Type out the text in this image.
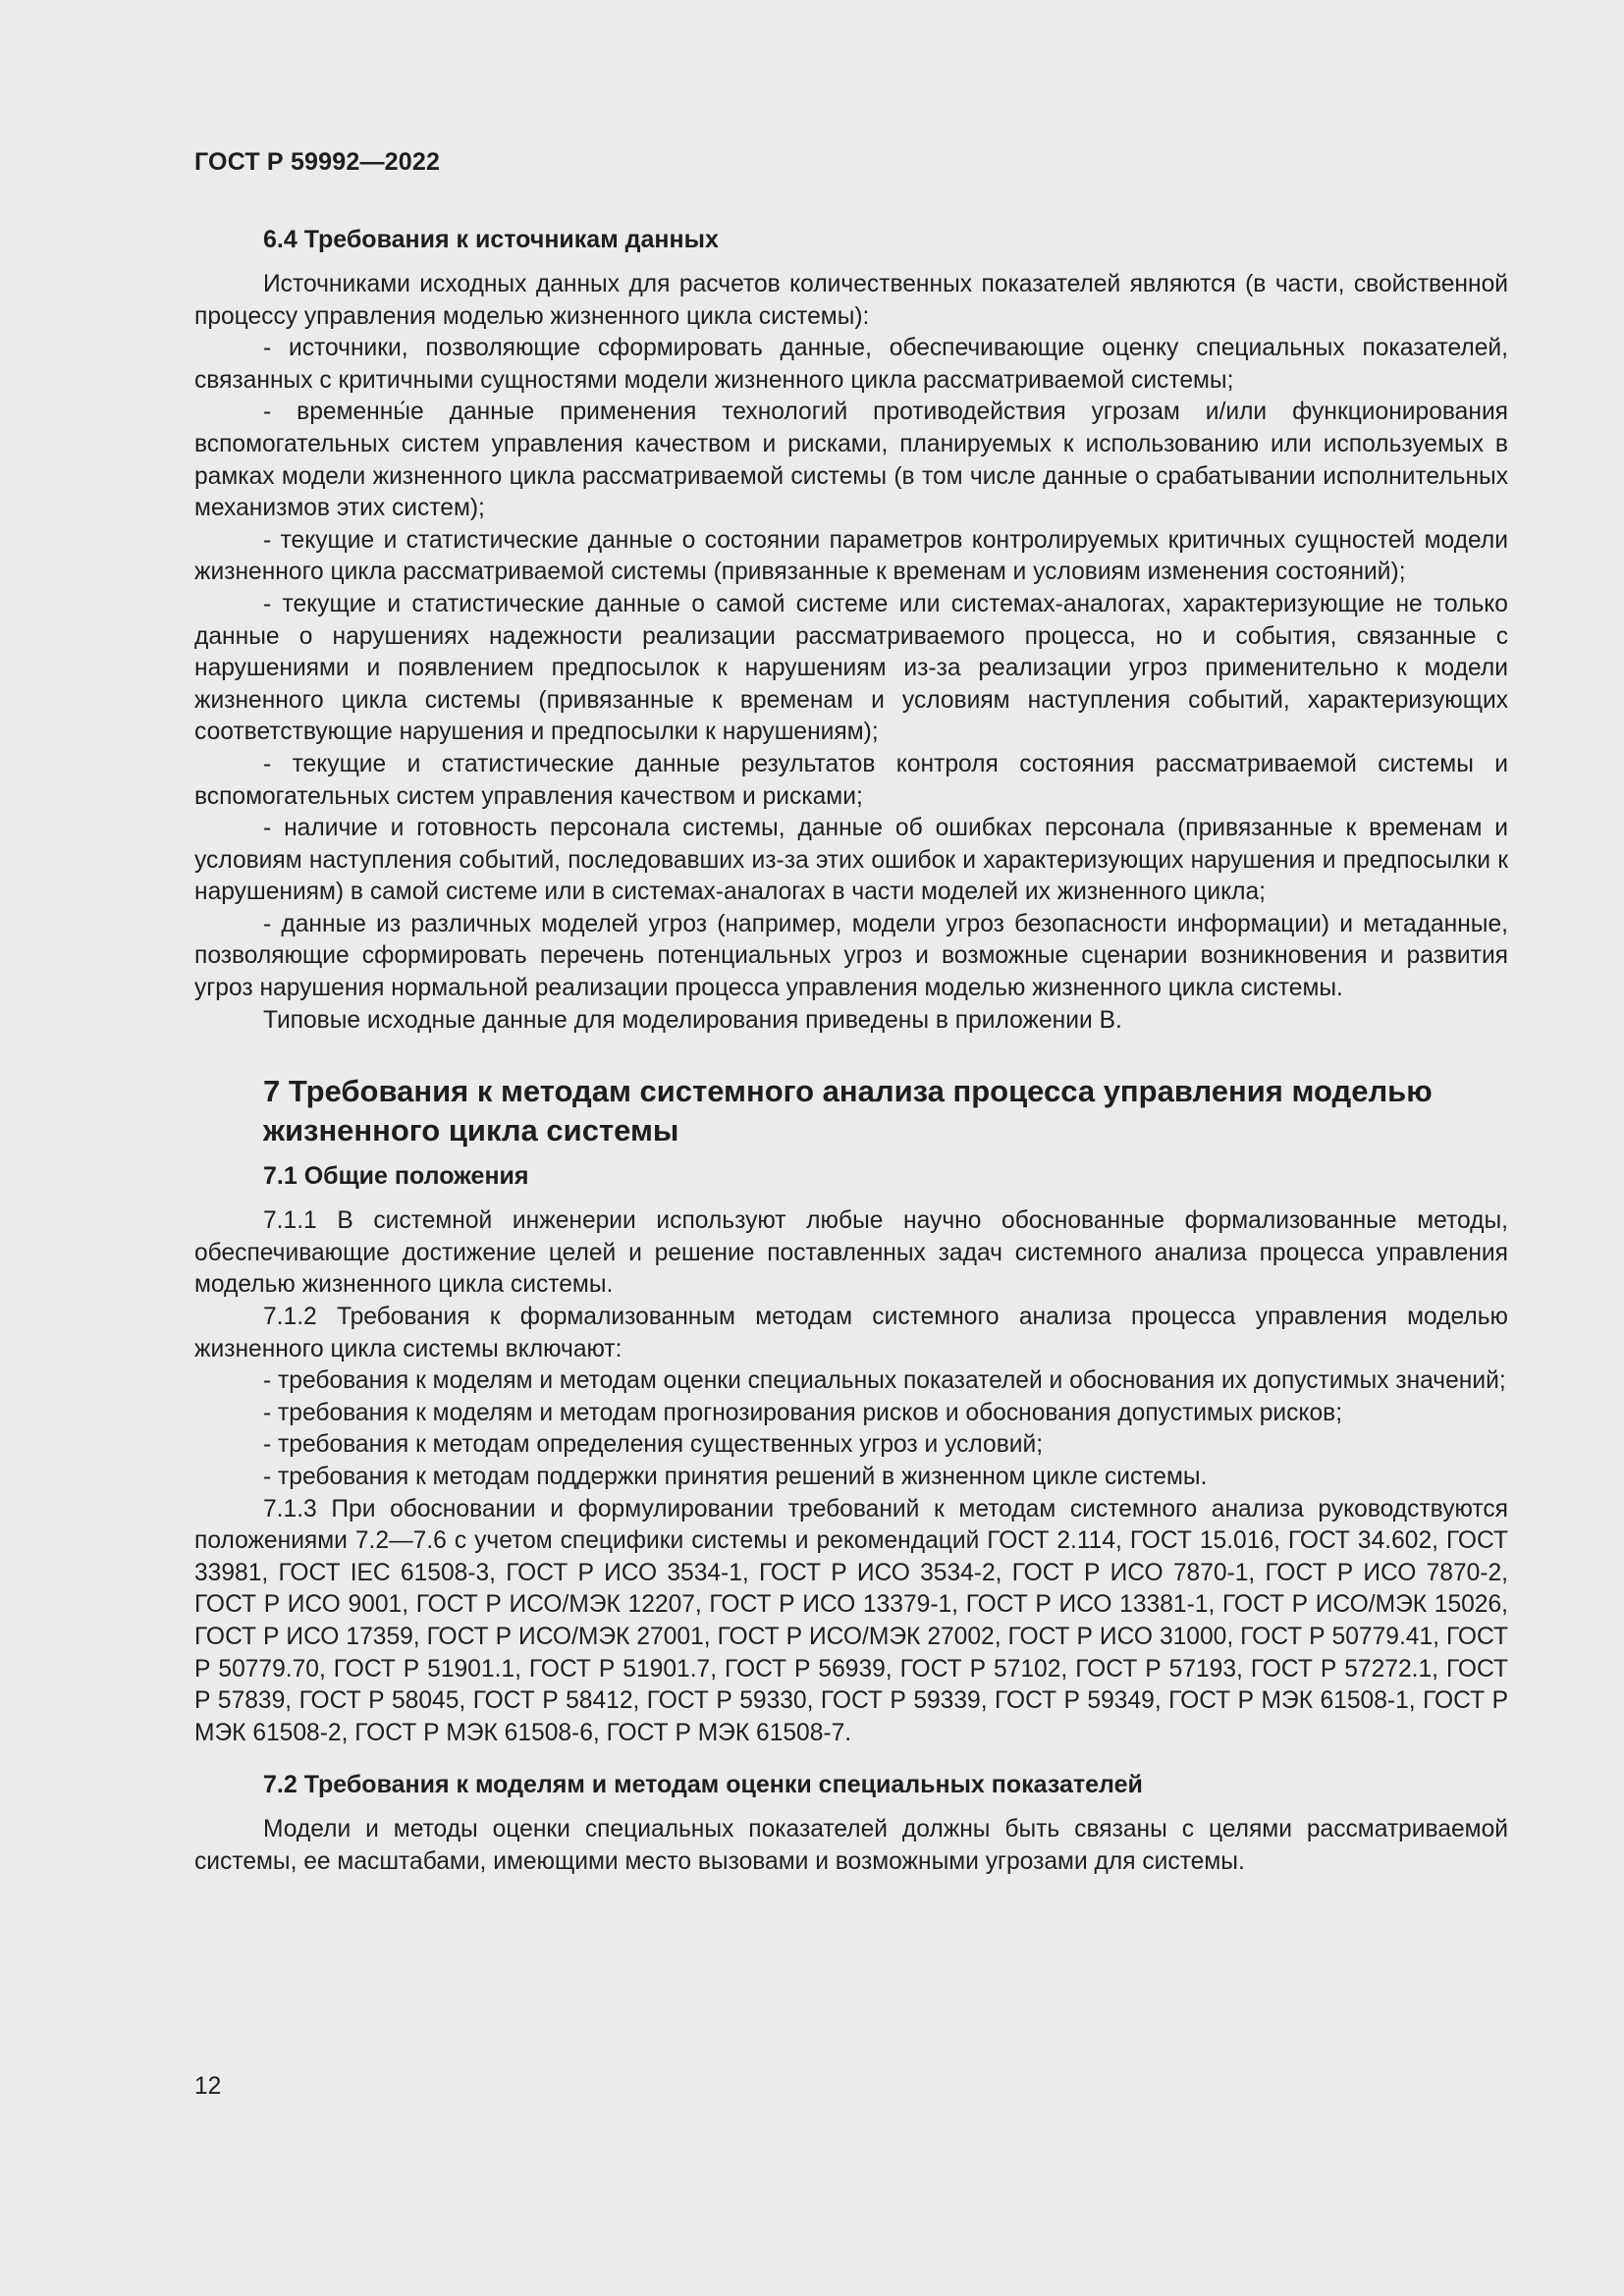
ГОСТ Р 59992—2022
6.4 Требования к источникам данных

Источниками исходных данных для расчетов количественных показателей являются (в части, свойственной процессу управления моделью жизненного цикла системы):

- источники, позволяющие сформировать данные, обеспечивающие оценку специальных показателей, связанных с критичными сущностями модели жизненного цикла рассматриваемой системы;

- временны́е данные применения технологий противодействия угрозам и/или функционирования вспомогательных систем управления качеством и рисками, планируемых к использованию или используемых в рамках модели жизненного цикла рассматриваемой системы (в том числе данные о срабатывании исполнительных механизмов этих систем);

- текущие и статистические данные о состоянии параметров контролируемых критичных сущностей модели жизненного цикла рассматриваемой системы (привязанные к временам и условиям изменения состояний);

- текущие и статистические данные о самой системе или системах-аналогах, характеризующие не только данные о нарушениях надежности реализации рассматриваемого процесса, но и события, связанные с нарушениями и появлением предпосылок к нарушениям из-за реализации угроз применительно к модели жизненного цикла системы (привязанные к временам и условиям наступления событий, характеризующих соответствующие нарушения и предпосылки к нарушениям);

- текущие и статистические данные результатов контроля состояния рассматриваемой системы и вспомогательных систем управления качеством и рисками;

- наличие и готовность персонала системы, данные об ошибках персонала (привязанные к временам и условиям наступления событий, последовавших из-за этих ошибок и характеризующих нарушения и предпосылки к нарушениям) в самой системе или в системах-аналогах в части моделей их жизненного цикла;

- данные из различных моделей угроз (например, модели угроз безопасности информации) и метаданные, позволяющие сформировать перечень потенциальных угроз и возможные сценарии возникновения и развития угроз нарушения нормальной реализации процесса управления моделью жизненного цикла системы.

Типовые исходные данные для моделирования приведены в приложении В.

7 Требования к методам системного анализа процесса управления моделью жизненного цикла системы
7.1 Общие положения

7.1.1 В системной инженерии используют любые научно обоснованные формализованные методы, обеспечивающие достижение целей и решение поставленных задач системного анализа процесса управления моделью жизненного цикла системы.

7.1.2 Требования к формализованным методам системного анализа процесса управления моделью жизненного цикла системы включают:

- требования к моделям и методам оценки специальных показателей и обоснования их допустимых значений;

- требования к моделям и методам прогнозирования рисков и обоснования допустимых рисков;

- требования к методам определения существенных угроз и условий;

- требования к методам поддержки принятия решений в жизненном цикле системы.

7.1.3 При обосновании и формулировании требований к методам системного анализа руководствуются положениями 7.2—7.6 с учетом специфики системы и рекомендаций ГОСТ 2.114, ГОСТ 15.016, ГОСТ 34.602, ГОСТ 33981, ГОСТ IEC 61508-3, ГОСТ Р ИСО 3534-1, ГОСТ Р ИСО 3534-2, ГОСТ Р ИСО 7870-1, ГОСТ Р ИСО 7870-2, ГОСТ Р ИСО 9001, ГОСТ Р ИСО/МЭК 12207, ГОСТ Р ИСО 13379-1, ГОСТ Р ИСО 13381-1, ГОСТ Р ИСО/МЭК 15026, ГОСТ Р ИСО 17359, ГОСТ Р ИСО/МЭК 27001, ГОСТ Р ИСО/МЭК 27002, ГОСТ Р ИСО 31000, ГОСТ Р 50779.41, ГОСТ Р 50779.70, ГОСТ Р 51901.1, ГОСТ Р 51901.7, ГОСТ Р 56939, ГОСТ Р 57102, ГОСТ Р 57193, ГОСТ Р 57272.1, ГОСТ Р 57839, ГОСТ Р 58045, ГОСТ Р 58412, ГОСТ Р 59330, ГОСТ Р 59339, ГОСТ Р 59349, ГОСТ Р МЭК 61508-1, ГОСТ Р МЭК 61508-2, ГОСТ Р МЭК 61508-6, ГОСТ Р МЭК 61508-7.

7.2 Требования к моделям и методам оценки специальных показателей

Модели и методы оценки специальных показателей должны быть связаны с целями рассматриваемой системы, ее масштабами, имеющими место вызовами и возможными угрозами для системы.

12
